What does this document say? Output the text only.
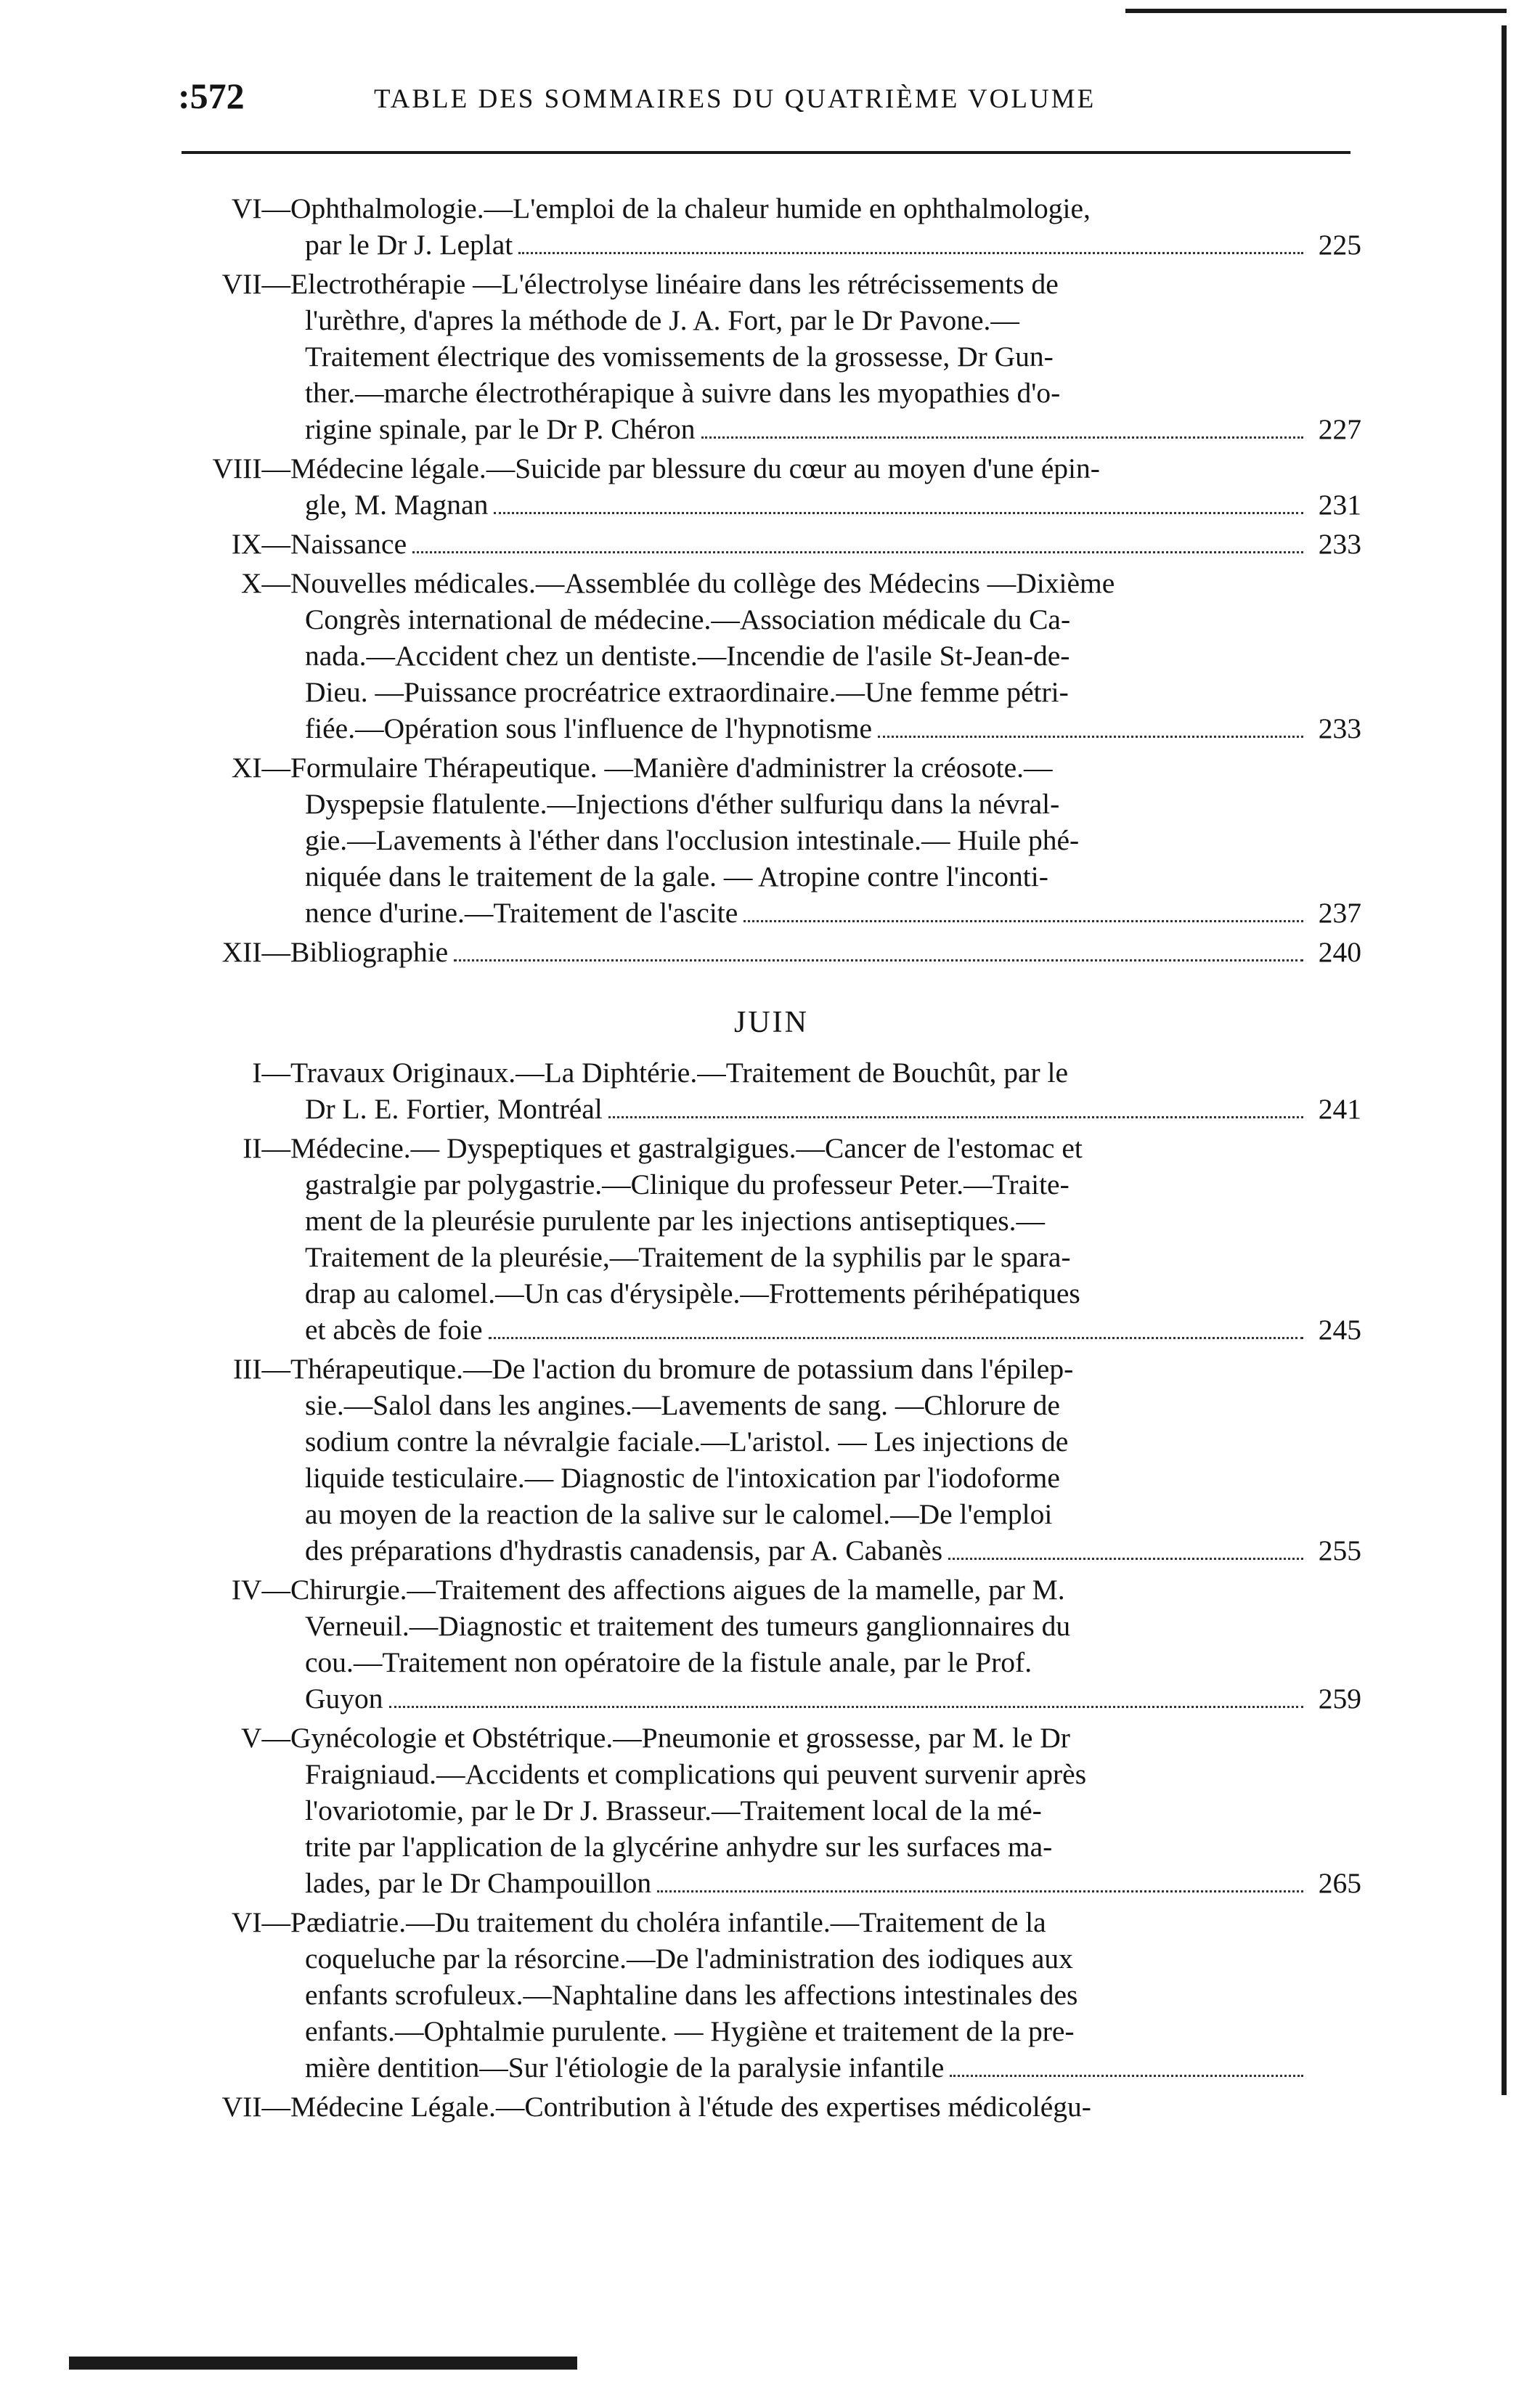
:572	TABLE DES SOMMAIRES DU QUATRIÈME VOLUME
VI—Ophthalmologie.—L'emploi de la chaleur humide en ophthalmologie,
par le Dr J. Leplat	225
VII—Electrothérapie —L'électrolyse linéaire dans les rétrécissements de
l'urèthre, d'apres la méthode de J. A. Fort, par le Dr Pavone.—
Traitement électrique des vomissements de la grossesse, Dr Gun-
ther.—marche électrothérapique à suivre dans les myopathies d'o-
rigine spinale, par le Dr P. Chéron	227
VIII—Médecine légale.—Suicide par blessure du cœur au moyen d'une épin-
gle, M. Magnan	231
IX— Naissance	233
X—Nouvelles médicales.—Assemblée du collège des Médecins —Dixième
Congrès international de médecine.—Association médicale du Ca-
nada.—Accident chez un dentiste.—Incendie de l'asile St-Jean-de-
Dieu. —Puissance procréatrice extraordinaire.—Une femme pétri-
fiée.—Opération sous l'influence de l'hypnotisme	233
XI—Formulaire Thérapeutique. —Manière d'administrer la créosote.—
Dyspepsie flatulente.—Injections d'éther sulfuriqu dans la névral-
gie.—Lavements à l'éther dans l'occlusion intestinale.— Huile phé-
niquée dans le traitement de la gale. — Atropine contre l'inconti-
nence d'urine.—Traitement de l'ascite	237
XII— Bibliographie	240
JUIN
I—Travaux Originaux.—La Diphtérie.—Traitement de Bouchût, par le
Dr L. E. Fortier, Montréal	241
II—Médecine.— Dyspeptiques et gastralgigues.—Cancer de l'estomac et
gastralgie par polygastrie.—Clinique du professeur Peter.—Traite-
ment de la pleurésie purulente par les injections antiseptiques.—
Traitement de la pleurésie,—Traitement de la syphilis par le spara-
drap au calomel.—Un cas d'érysipèle.—Frottements périhépatiques
et abcès de foie	245
III—Thérapeutique.—De l'action du bromure de potassium dans l'épilep-
sie.—Salol dans les angines.—Lavements de sang. —Chlorure de
sodium contre la névralgie faciale.—L'aristol. — Les injections de
liquide testiculaire.— Diagnostic de l'intoxication par l'iodoforme
au moyen de la reaction de la salive sur le calomel.—De l'emploi
des préparations d'hydrastis canadensis, par A. Cabanès	255
IV—Chirurgie.—Traitement des affections aigues de la mamelle, par M.
Verneuil.—Diagnostic et traitement des tumeurs ganglionnaires du
cou.—Traitement non opératoire de la fistule anale, par le Prof.
Guyon	259
V—Gynécologie et Obstétrique.—Pneumonie et grossesse, par M. le Dr
Fraigniaud.—Accidents et complications qui peuvent survenir après
l'ovariotomie, par le Dr J. Brasseur.—Traitement local de la mé-
trite par l'application de la glycérine anhydre sur les surfaces ma-
lades, par le Dr Champouillon	265
VI—Pædiatrie.—Du traitement du choléra infantile.—Traitement de la
coqueluche par la résorcine.—De l'administration des iodiques aux
enfants scrofuleux.—Naphtaline dans les affections intestinales des
enfants.—Ophtalmie purulente. — Hygiène et traitement de la pre-
mière dentition—Sur l'étiologie de la paralysie infantile
VII—Médecine Légale.—Contribution à l'étude des expertises médicolégu-
